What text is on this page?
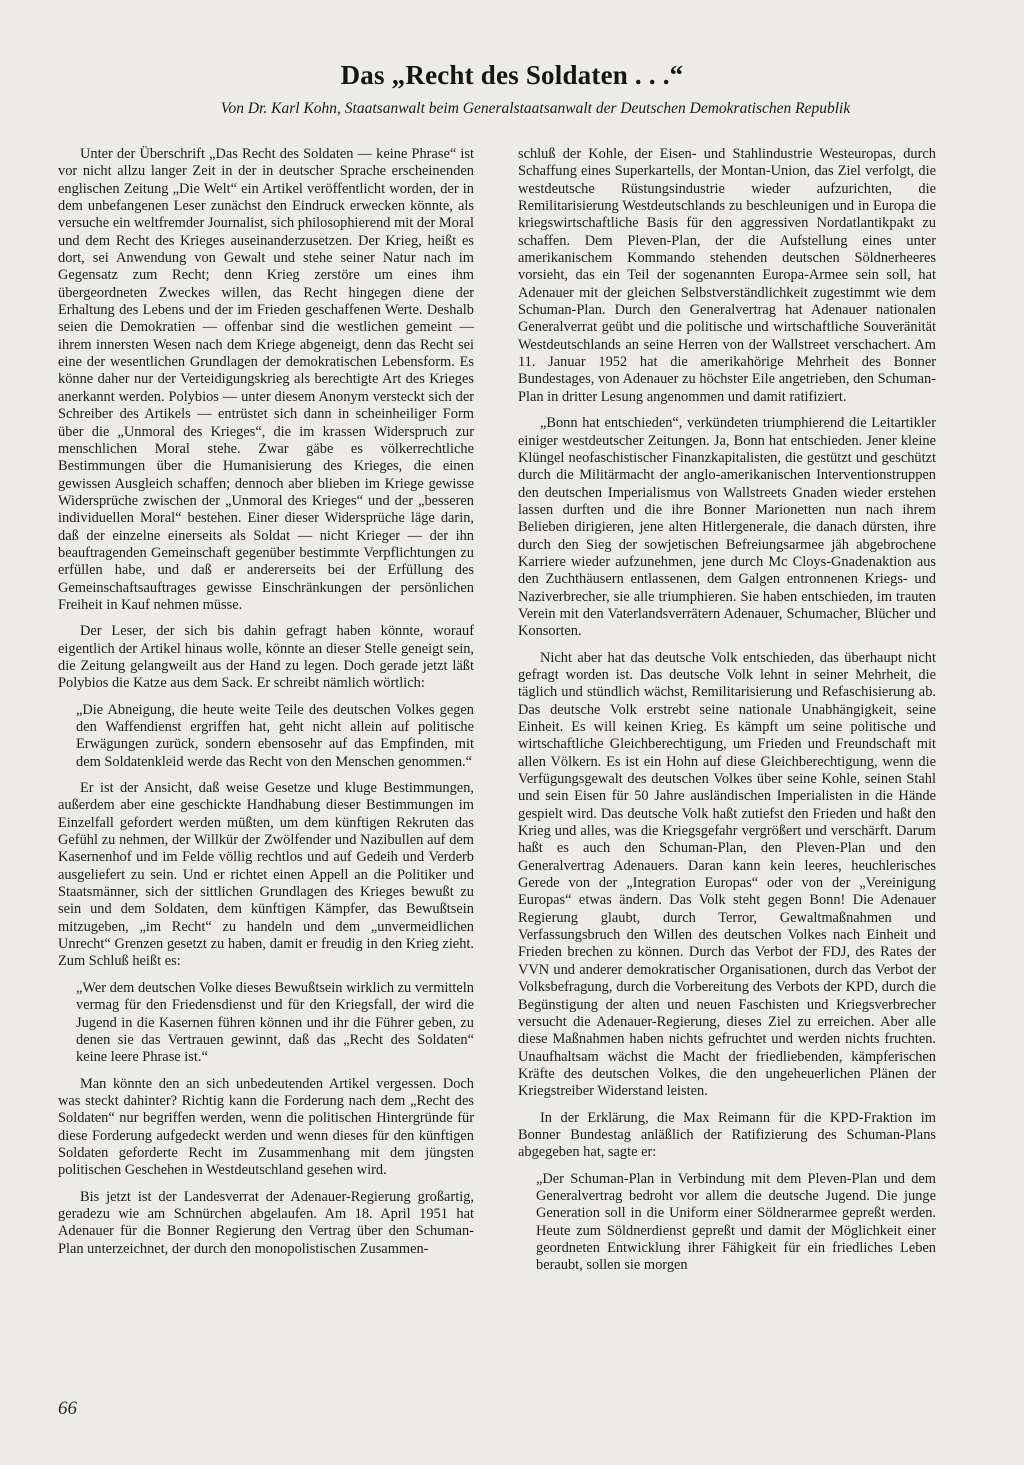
Das „Recht des Soldaten . . .“
Von Dr. Karl Kohn, Staatsanwalt beim Generalstaatsanwalt der Deutschen Demokratischen Republik

Unter der Überschrift „Das Recht des Soldaten — keine Phrase“ ist vor nicht allzu langer Zeit in der in deutscher Sprache erscheinenden englischen Zeitung „Die Welt“ ein Artikel veröffentlicht worden, der in dem unbefangenen Leser zunächst den Eindruck erwecken könnte, als versuche ein weltfremder Journalist, sich philosophierend mit der Moral und dem Recht des Krieges auseinanderzusetzen. Der Krieg, heißt es dort, sei Anwendung von Gewalt und stehe seiner Natur nach im Gegensatz zum Recht; denn Krieg zerstöre um eines ihm übergeordneten Zweckes willen, das Recht hingegen diene der Erhaltung des Lebens und der im Frieden geschaffenen Werte. Deshalb seien die Demokratien — offenbar sind die westlichen gemeint — ihrem innersten Wesen nach dem Kriege abgeneigt, denn das Recht sei eine der wesentlichen Grundlagen der demokratischen Lebensform. Es könne daher nur der Verteidigungskrieg als berechtigte Art des Krieges anerkannt werden. Polybios — unter diesem Anonym versteckt sich der Schreiber des Artikels — entrüstet sich dann in scheinheiliger Form über die „Unmoral des Krieges“, die im krassen Widerspruch zur menschlichen Moral stehe. Zwar gäbe es völkerrechtliche Bestimmungen über die Humanisierung des Krieges, die einen gewissen Ausgleich schaffen; dennoch aber blieben im Kriege gewisse Widersprüche zwischen der „Unmoral des Krieges“ und der „besseren individuellen Moral“ bestehen. Einer dieser Widersprüche läge darin, daß der einzelne einerseits als Soldat — nicht Krieger — der ihn beauftragenden Gemeinschaft gegenüber bestimmte Verpflichtungen zu erfüllen habe, und daß er andererseits bei der Erfüllung des Gemeinschaftsauftrages gewisse Einschränkungen der persönlichen Freiheit in Kauf nehmen müsse.

Der Leser, der sich bis dahin gefragt haben könnte, worauf eigentlich der Artikel hinaus wolle, könnte an dieser Stelle geneigt sein, die Zeitung gelangweilt aus der Hand zu legen. Doch gerade jetzt läßt Polybios die Katze aus dem Sack. Er schreibt nämlich wörtlich:

„Die Abneigung, die heute weite Teile des deutschen Volkes gegen den Waffendienst ergriffen hat, geht nicht allein auf politische Erwägungen zurück, sondern ebensosehr auf das Empfinden, mit dem Soldatenkleid werde das Recht von den Menschen genommen.“

Er ist der Ansicht, daß weise Gesetze und kluge Bestimmungen, außerdem aber eine geschickte Handhabung dieser Bestimmungen im Einzelfall gefordert werden müßten, um dem künftigen Rekruten das Gefühl zu nehmen, der Willkür der Zwölfender und Nazibullen auf dem Kasernenhof und im Felde völlig rechtlos und auf Gedeih und Verderb ausgeliefert zu sein. Und er richtet einen Appell an die Politiker und Staatsmänner, sich der sittlichen Grundlagen des Krieges bewußt zu sein und dem Soldaten, dem künftigen Kämpfer, das Bewußtsein mitzugeben, „im Recht“ zu handeln und dem „unvermeidlichen Unrecht“ Grenzen gesetzt zu haben, damit er freudig in den Krieg zieht. Zum Schluß heißt es:

„Wer dem deutschen Volke dieses Bewußtsein wirklich zu vermitteln vermag für den Friedensdienst und für den Kriegsfall, der wird die Jugend in die Kasernen führen können und ihr die Führer geben, zu denen sie das Vertrauen gewinnt, daß das „Recht des Soldaten“ keine leere Phrase ist.“

Man könnte den an sich unbedeutenden Artikel vergessen. Doch was steckt dahinter? Richtig kann die Forderung nach dem „Recht des Soldaten“ nur begriffen werden, wenn die politischen Hintergründe für diese Forderung aufgedeckt werden und wenn dieses für den künftigen Soldaten geforderte Recht im Zusammenhang mit dem jüngsten politischen Geschehen in Westdeutschland gesehen wird.

Bis jetzt ist der Landesverrat der Adenauer-Regierung großartig, geradezu wie am Schnürchen abgelaufen. Am 18. April 1951 hat Adenauer für die Bonner Regierung den Vertrag über den Schuman-Plan unterzeichnet, der durch den monopolistischen Zusammen-

schluß der Kohle, der Eisen- und Stahlindustrie Westeuropas, durch Schaffung eines Superkartells, der Montan-Union, das Ziel verfolgt, die westdeutsche Rüstungsindustrie wieder aufzurichten, die Remilitarisierung Westdeutschlands zu beschleunigen und in Europa die kriegswirtschaftliche Basis für den aggressiven Nordatlantikpakt zu schaffen. Dem Pleven-Plan, der die Aufstellung eines unter amerikanischem Kommando stehenden deutschen Söldnerheeres vorsieht, das ein Teil der sogenannten Europa-Armee sein soll, hat Adenauer mit der gleichen Selbstverständlichkeit zugestimmt wie dem Schuman-Plan. Durch den Generalvertrag hat Adenauer nationalen Generalverrat geübt und die politische und wirtschaftliche Souveränität Westdeutschlands an seine Herren von der Wallstreet verschachert. Am 11. Januar 1952 hat die amerikahörige Mehrheit des Bonner Bundestages, von Adenauer zu höchster Eile angetrieben, den Schuman-Plan in dritter Lesung angenommen und damit ratifiziert.

„Bonn hat entschieden“, verkündeten triumphierend die Leitartikler einiger westdeutscher Zeitungen. Ja, Bonn hat entschieden. Jener kleine Klüngel neofaschistischer Finanzkapitalisten, die gestützt und geschützt durch die Militärmacht der anglo-amerikanischen Interventionstruppen den deutschen Imperialismus von Wallstreets Gnaden wieder erstehen lassen durften und die ihre Bonner Marionetten nun nach ihrem Belieben dirigieren, jene alten Hitlergenerale, die danach dürsten, ihre durch den Sieg der sowjetischen Befreiungsarmee jäh abgebrochene Karriere wieder aufzunehmen, jene durch Mc Cloys-Gnadenaktion aus den Zuchthäusern entlassenen, dem Galgen entronnenen Kriegs- und Naziverbrecher, sie alle triumphieren. Sie haben entschieden, im trauten Verein mit den Vaterlandsverrätern Adenauer, Schumacher, Blücher und Konsorten.

Nicht aber hat das deutsche Volk entschieden, das überhaupt nicht gefragt worden ist. Das deutsche Volk lehnt in seiner Mehrheit, die täglich und stündlich wächst, Remilitarisierung und Refaschisierung ab. Das deutsche Volk erstrebt seine nationale Unabhängigkeit, seine Einheit. Es will keinen Krieg. Es kämpft um seine politische und wirtschaftliche Gleichberechtigung, um Frieden und Freundschaft mit allen Völkern. Es ist ein Hohn auf diese Gleichberechtigung, wenn die Verfügungsgewalt des deutschen Volkes über seine Kohle, seinen Stahl und sein Eisen für 50 Jahre ausländischen Imperialisten in die Hände gespielt wird. Das deutsche Volk haßt zutiefst den Frieden und haßt den Krieg und alles, was die Kriegsgefahr vergrößert und verschärft. Darum haßt es auch den Schuman-Plan, den Pleven-Plan und den Generalvertrag Adenauers. Daran kann kein leeres, heuchlerisches Gerede von der „Integration Europas“ oder von der „Vereinigung Europas“ etwas ändern. Das Volk steht gegen Bonn! Die Adenauer Regierung glaubt, durch Terror, Gewaltmaßnahmen und Verfassungsbruch den Willen des deutschen Volkes nach Einheit und Frieden brechen zu können. Durch das Verbot der FDJ, des Rates der VVN und anderer demokratischer Organisationen, durch das Verbot der Volksbefragung, durch die Vorbereitung des Verbots der KPD, durch die Begünstigung der alten und neuen Faschisten und Kriegsverbrecher versucht die Adenauer-Regierung, dieses Ziel zu erreichen. Aber alle diese Maßnahmen haben nichts gefruchtet und werden nichts fruchten. Unaufhaltsam wächst die Macht der friedliebenden, kämpferischen Kräfte des deutschen Volkes, die den ungeheuerlichen Plänen der Kriegstreiber Widerstand leisten.

In der Erklärung, die Max Reimann für die KPD-Fraktion im Bonner Bundestag anläßlich der Ratifizierung des Schuman-Plans abgegeben hat, sagte er:

„Der Schuman-Plan in Verbindung mit dem Pleven-Plan und dem Generalvertrag bedroht vor allem die deutsche Jugend. Die junge Generation soll in die Uniform einer Söldnerarmee gepreßt werden. Heute zum Söldnerdienst gepreßt und damit der Möglichkeit einer geordneten Entwicklung ihrer Fähigkeit für ein friedliches Leben beraubt, sollen sie morgen
66
